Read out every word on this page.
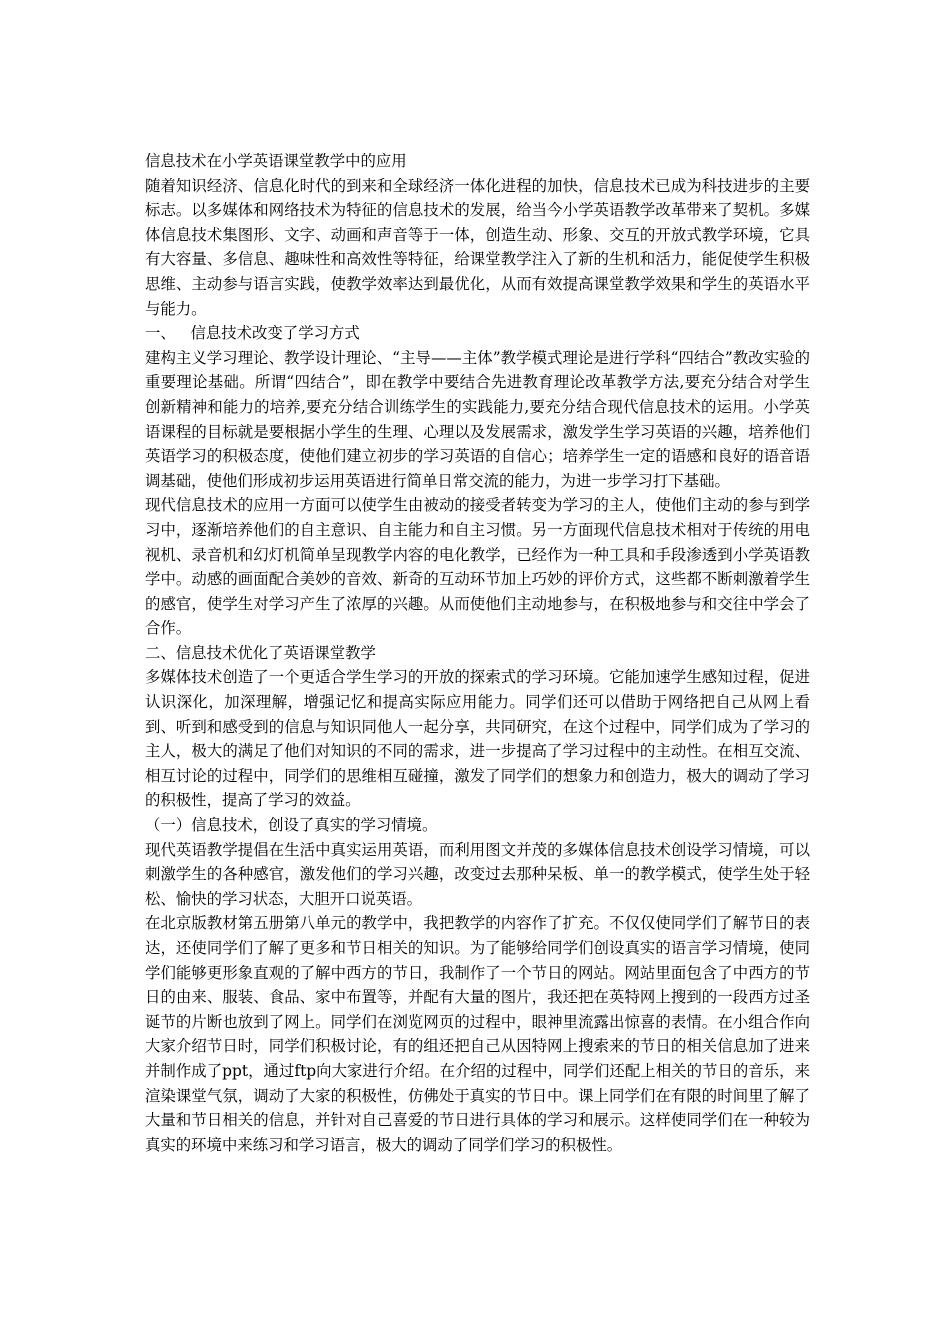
信息技术在小学英语课堂教学中的应用

随着知识经济、信息化时代的到来和全球经济一体化进程的加快，信息技术已成为科技进步的主要标志。以多媒体和网络技术为特征的信息技术的发展，给当今小学英语教学改革带来了契机。多媒体信息技术集图形、文字、动画和声音等于一体，创造生动、形象、交互的开放式教学环境，它具有大容量、多信息、趣味性和高效性等特征，给课堂教学注入了新的生机和活力，能促使学生积极思维、主动参与语言实践，使教学效率达到最优化，从而有效提高课堂教学效果和学生的英语水平与能力。

一、   信息技术改变了学习方式

建构主义学习理论、教学设计理论、“主导——主体”教学模式理论是进行学科“四结合”教改实验的重要理论基础。所谓“四结合”，即在教学中要结合先进教育理论改革教学方法,要充分结合对学生创新精神和能力的培养,要充分结合训练学生的实践能力,要充分结合现代信息技术的运用。小学英语课程的目标就是要根据小学生的生理、心理以及发展需求，激发学生学习英语的兴趣，培养他们英语学习的积极态度，使他们建立初步的学习英语的自信心；培养学生一定的语感和良好的语音语调基础，使他们形成初步运用英语进行简单日常交流的能力，为进一步学习打下基础。

现代信息技术的应用一方面可以使学生由被动的接受者转变为学习的主人，使他们主动的参与到学习中，逐渐培养他们的自主意识、自主能力和自主习惯。另一方面现代信息技术相对于传统的用电视机、录音机和幻灯机简单呈现教学内容的电化教学，已经作为一种工具和手段渗透到小学英语教学中。动感的画面配合美妙的音效、新奇的互动环节加上巧妙的评价方式，这些都不断刺激着学生的感官，使学生对学习产生了浓厚的兴趣。从而使他们主动地参与，在积极地参与和交往中学会了合作。

二、信息技术优化了英语课堂教学

多媒体技术创造了一个更适合学生学习的开放的探索式的学习环境。它能加速学生感知过程，促进认识深化，加深理解，增强记忆和提高实际应用能力。同学们还可以借助于网络把自己从网上看到、听到和感受到的信息与知识同他人一起分享，共同研究，在这个过程中，同学们成为了学习的主人，极大的满足了他们对知识的不同的需求，进一步提高了学习过程中的主动性。在相互交流、相互讨论的过程中，同学们的思维相互碰撞，激发了同学们的想象力和创造力，极大的调动了学习的积极性，提高了学习的效益。

（一）信息技术，创设了真实的学习情境。

现代英语教学提倡在生活中真实运用英语，而利用图文并茂的多媒体信息技术创设学习情境，可以刺激学生的各种感官，激发他们的学习兴趣，改变过去那种呆板、单一的教学模式，使学生处于轻松、愉快的学习状态，大胆开口说英语。

在北京版教材第五册第八单元的教学中，我把教学的内容作了扩充。不仅仅使同学们了解节日的表达，还使同学们了解了更多和节日相关的知识。为了能够给同学们创设真实的语言学习情境，使同学们能够更形象直观的了解中西方的节日，我制作了一个节日的网站。网站里面包含了中西方的节日的由来、服装、食品、家中布置等，并配有大量的图片，我还把在英特网上搜到的一段西方过圣诞节的片断也放到了网上。同学们在浏览网页的过程中，眼神里流露出惊喜的表情。在小组合作向大家介绍节日时，同学们积极讨论，有的组还把自己从因特网上搜索来的节日的相关信息加了进来并制作成了ppt，通过ftp向大家进行介绍。在介绍的过程中，同学们还配上相关的节日的音乐，来渲染课堂气氛，调动了大家的积极性，仿佛处于真实的节日中。课上同学们在有限的时间里了解了大量和节日相关的信息，并针对自己喜爱的节日进行具体的学习和展示。这样使同学们在一种较为真实的环境中来练习和学习语言，极大的调动了同学们学习的积极性。
